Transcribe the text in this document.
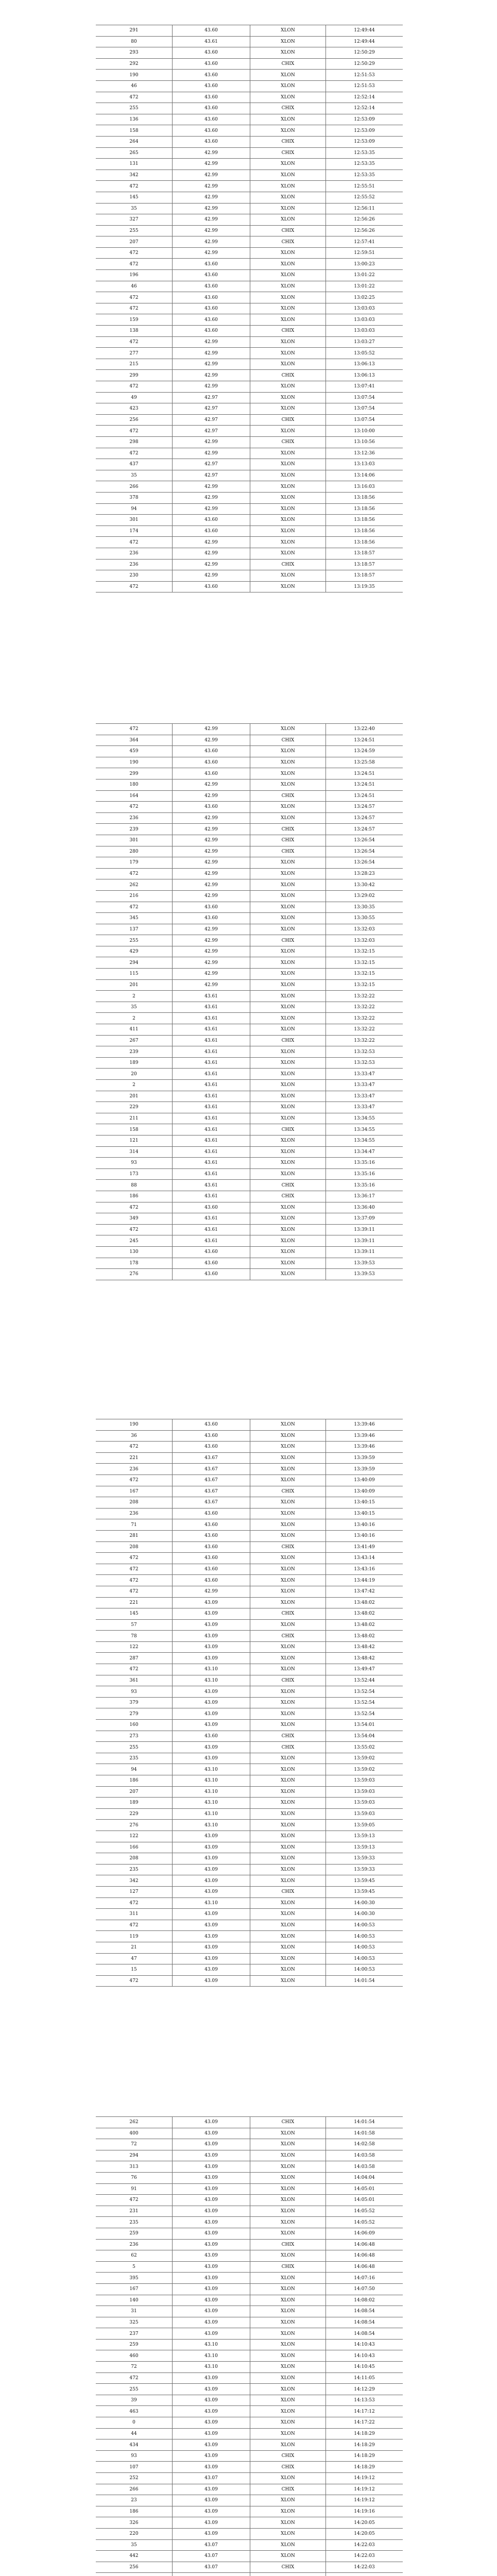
291	43.60	XLON	12:49:44
80	43.61	XLON	12:49:44
293	43.60	XLON	12:50:29
292	43.60	CHIX	12:50:29
190	43.60	XLON	12:51:53
46	43.60	XLON	12:51:53
472	43.60	XLON	12:52:14
255	43.60	CHIX	12:52:14
136	43.60	XLON	12:53:09
158	43.60	XLON	12:53:09
264	43.60	CHIX	12:53:09
265	42.99	CHIX	12:53:35
131	42.99	XLON	12:53:35
342	42.99	XLON	12:53:35
472	42.99	XLON	12:55:51
145	42.99	XLON	12:55:52
35	42.99	XLON	12:56:11
327	42.99	XLON	12:56:26
255	42.99	CHIX	12:56:26
207	42.99	CHIX	12:57:41
472	42.99	XLON	12:59:51
472	43.60	XLON	13:00:23
196	43.60	XLON	13:01:22
46	43.60	XLON	13:01:22
472	43.60	XLON	13:02:25
472	43.60	XLON	13:03:03
159	43.60	XLON	13:03:03
138	43.60	CHIX	13:03:03
472	42.99	XLON	13:03:27
277	42.99	XLON	13:05:52
215	42.99	XLON	13:06:13
299	42.99	CHIX	13:06:13
472	42.99	XLON	13:07:41
49	42.97	XLON	13:07:54
423	42.97	XLON	13:07:54
256	42.97	CHIX	13:07:54
472	42.97	XLON	13:10:00
298	42.99	CHIX	13:10:56
472	42.99	XLON	13:12:36
437	42.97	XLON	13:13:03
35	42.97	XLON	13:14:06
266	42.99	XLON	13:16:03
378	42.99	XLON	13:18:56
94	42.99	XLON	13:18:56
301	43.60	XLON	13:18:56
174	43.60	XLON	13:18:56
472	42.99	XLON	13:18:56
236	42.99	XLON	13:18:57
236	42.99	CHIX	13:18:57
230	42.99	XLON	13:18:57
472	43.60	XLON	13:19:35
472	42.99	XLON	13:22:40
364	42.99	CHIX	13:24:51
459	43.60	XLON	13:24:59
190	43.60	XLON	13:25:58
299	43.60	XLON	13:24:51
180	42.99	XLON	13:24:51
164	42.99	CHIX	13:24:51
472	43.60	XLON	13:24:57
236	42.99	XLON	13:24:57
239	42.99	CHIX	13:24:57
301	42.99	CHIX	13:26:54
280	42.99	CHIX	13:26:54
179	42.99	XLON	13:26:54
472	42.99	XLON	13:28:23
262	42.99	XLON	13:30:42
216	42.99	XLON	13:29:02
472	43.60	XLON	13:30:35
345	43.60	XLON	13:30:55
137	42.99	XLON	13:32:03
255	42.99	CHIX	13:32:03
429	42.99	XLON	13:32:15
294	42.99	XLON	13:32:15
115	42.99	XLON	13:32:15
201	42.99	XLON	13:32:15
2	43.61	XLON	13:32:22
35	43.61	XLON	13:32:22
2	43.61	XLON	13:32:22
411	43.61	XLON	13:32:22
267	43.61	CHIX	13:32:22
239	43.61	XLON	13:32:53
189	43.61	XLON	13:32:53
20	43.61	XLON	13:33:47
2	43.61	XLON	13:33:47
201	43.61	XLON	13:33:47
229	43.61	XLON	13:33:47
211	43.61	XLON	13:34:55
158	43.61	CHIX	13:34:55
121	43.61	XLON	13:34:55
314	43.61	XLON	13:34:47
93	43.61	XLON	13:35:16
173	43.61	XLON	13:35:16
88	43.61	CHIX	13:35:16
186	43.61	CHIX	13:36:17
472	43.60	XLON	13:36:40
349	43.61	XLON	13:37:09
472	43.61	XLON	13:39:11
245	43.61	XLON	13:39:11
130	43.60	XLON	13:39:11
178	43.60	XLON	13:39:53
276	43.60	XLON	13:39:53
190	43.60	XLON	13:39:46
36	43.60	XLON	13:39:46
472	43.60	XLON	13:39:46
221	43.67	XLON	13:39:59
236	43.67	XLON	13:39:59
472	43.67	XLON	13:40:09
167	43.67	CHIX	13:40:09
208	43.67	XLON	13:40:15
236	43.60	XLON	13:40:15
71	43.60	XLON	13:40:16
281	43.60	XLON	13:40:16
208	43.60	CHIX	13:41:49
472	43.60	XLON	13:43:14
472	43.60	XLON	13:43:16
472	43.60	XLON	13:44:19
472	42.99	XLON	13:47:42
221	43.09	XLON	13:48:02
145	43.09	CHIX	13:48:02
57	43.09	XLON	13:48:02
78	43.09	CHIX	13:48:02
122	43.09	XLON	13:48:42
287	43.09	XLON	13:48:42
472	43.10	XLON	13:49:47
361	43.10	CHIX	13:52:44
93	43.09	XLON	13:52:54
379	43.09	XLON	13:52:54
279	43.09	XLON	13:52:54
160	43.09	XLON	13:54:01
273	43.60	CHIX	13:54:04
255	43.09	CHIX	13:55:02
235	43.09	XLON	13:59:02
94	43.10	XLON	13:59:02
186	43.10	XLON	13:59:03
207	43.10	XLON	13:59:03
189	43.10	XLON	13:59:03
229	43.10	XLON	13:59:03
276	43.10	XLON	13:59:05
122	43.09	XLON	13:59:13
166	43.09	XLON	13:59:13
208	43.09	XLON	13:59:33
235	43.09	XLON	13:59:33
342	43.09	XLON	13:59:45
127	43.09	CHIX	13:59:45
472	43.10	XLON	14:00:30
311	43.09	XLON	14:00:30
472	43.09	XLON	14:00:53
119	43.09	XLON	14:00:53
21	43.09	XLON	14:00:53
47	43.09	XLON	14:00:53
15	43.09	XLON	14:00:53
472	43.09	XLON	14:01:54
262	43.09	CHIX	14:01:54
400	43.09	XLON	14:01:58
72	43.09	XLON	14:02:58
294	43.09	XLON	14:03:58
313	43.09	XLON	14:03:58
76	43.09	XLON	14:04:04
91	43.09	XLON	14:05:01
472	43.09	XLON	14:05:01
231	43.09	XLON	14:05:52
235	43.09	XLON	14:05:52
259	43.09	XLON	14:06:09
236	43.09	CHIX	14:06:48
62	43.09	XLON	14:06:48
5	43.09	CHIX	14:06:48
395	43.09	XLON	14:07:16
167	43.09	XLON	14:07:50
140	43.09	XLON	14:08:02
31	43.09	XLON	14:08:54
325	43.09	XLON	14:08:54
237	43.09	XLON	14:08:54
259	43.10	XLON	14:10:43
460	43.10	XLON	14:10:43
72	43.10	XLON	14:10:45
472	43.09	XLON	14:11:05
255	43.09	XLON	14:12:29
39	43.09	XLON	14:13:53
463	43.09	XLON	14:17:12
0	43.09	XLON	14:17:22
44	43.09	XLON	14:18:29
434	43.09	XLON	14:18:29
93	43.09	CHIX	14:18:29
107	43.09	CHIX	14:18:29
252	43.07	XLON	14:19:12
266	43.09	CHIX	14:19:12
23	43.09	XLON	14:19:12
186	43.09	XLON	14:19:16
326	43.09	XLON	14:20:05
220	43.09	XLON	14:20:05
35	43.07	XLON	14:22:03
442	43.07	XLON	14:22:03
256	43.07	CHIX	14:22:03
